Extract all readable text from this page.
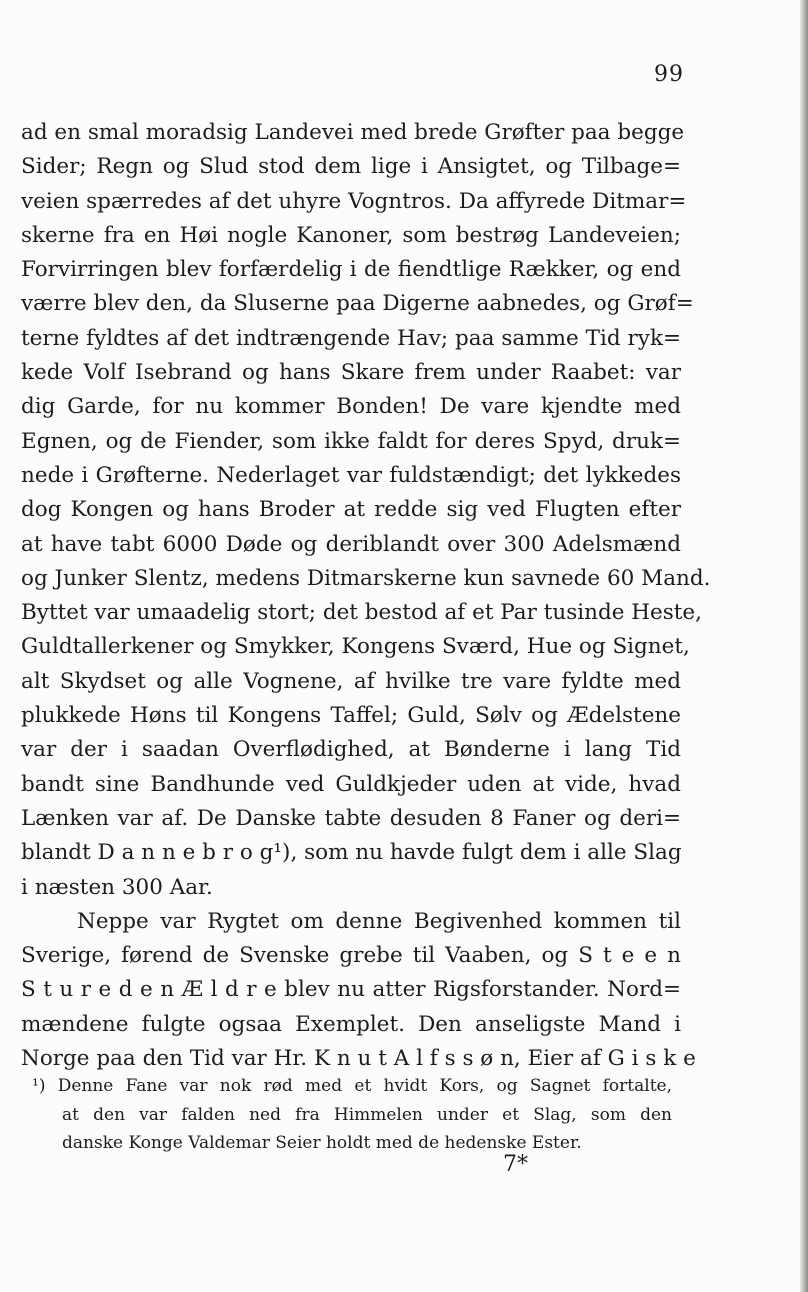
99
ad en smal moradsig Landevei med brede Grøfter paa begge
Sider; Regn og Slud stod dem lige i Ansigtet, og Tilbage=
veien spærredes af det uhyre Vogntros. Da affyrede Ditmar=
skerne fra en Høi nogle Kanoner, som bestrøg Landeveien;
Forvirringen blev forfærdelig i de fiendtlige Rækker, og end
værre blev den, da Sluserne paa Digerne aabnedes, og Grøf=
terne fyldtes af det indtrængende Hav; paa samme Tid ryk=
kede Volf Isebrand og hans Skare frem under Raabet: var
dig Garde, for nu kommer Bonden! De vare kjendte med
Egnen, og de Fiender, som ikke faldt for deres Spyd, druk=
nede i Grøfterne. Nederlaget var fuldstændigt; det lykkedes
dog Kongen og hans Broder at redde sig ved Flugten efter
at have tabt 6000 Døde og deriblandt over 300 Adelsmænd
og Junker Slentz, medens Ditmarskerne kun savnede 60 Mand.
Byttet var umaadelig stort; det bestod af et Par tusinde Heste,
Guldtallerkener og Smykker, Kongens Sværd, Hue og Signet,
alt Skydset og alle Vognene, af hvilke tre vare fyldte med
plukkede Høns til Kongens Taffel; Guld, Sølv og Ædelstene
var der i saadan Overflødighed, at Bønderne i lang Tid
bandt sine Bandhunde ved Guldkjeder uden at vide, hvad
Lænken var af. De Danske tabte desuden 8 Faner og deri=
blandt D a n n e b r o g¹), som nu havde fulgt dem i alle Slag
i næsten 300 Aar.
Neppe var Rygtet om denne Begivenhed kommen til
Sverige, førend de Svenske grebe til Vaaben, og S t e e n
S t u r e d e n Æ l d r e blev nu atter Rigsforstander. Nord=
mændene fulgte ogsaa Exemplet. Den anseligste Mand i
Norge paa den Tid var Hr. K n u t A l f s s ø n, Eier af G i s k e
¹) Denne Fane var nok rød med et hvidt Kors, og Sagnet fortalte,
at den var falden ned fra Himmelen under et Slag, som den
danske Konge Valdemar Seier holdt med de hedenske Ester.
7*
